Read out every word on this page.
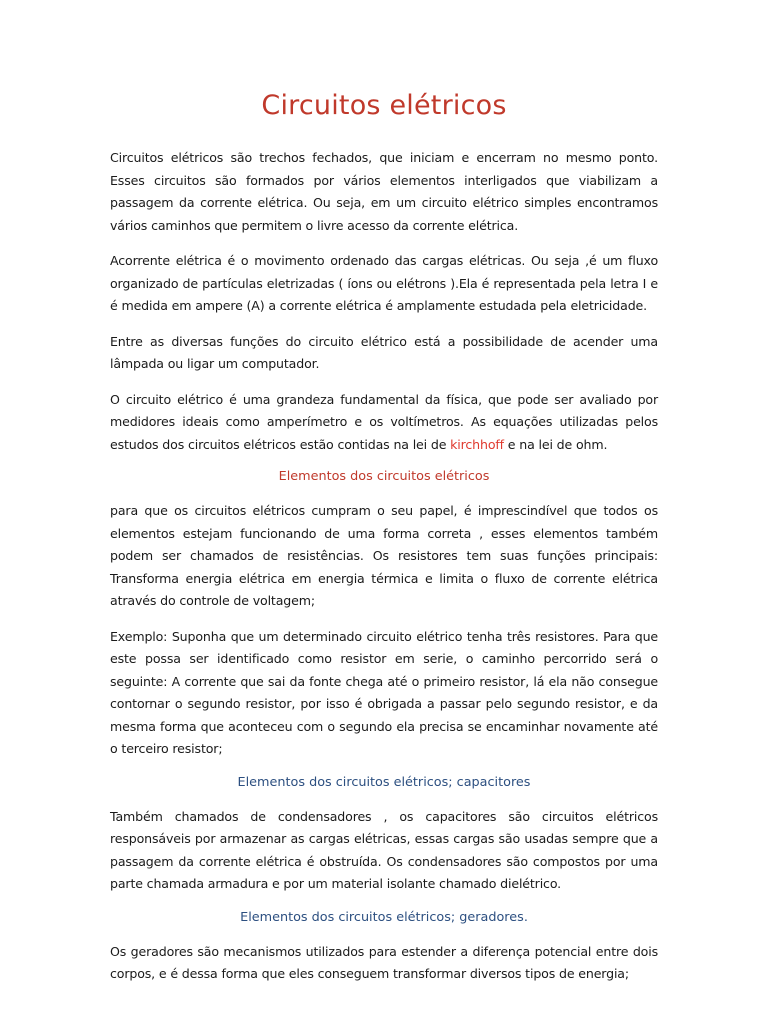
Circuitos elétricos

Circuitos elétricos são trechos fechados, que iniciam e encerram no mesmo ponto. Esses circuitos são formados por vários elementos interligados que viabilizam a passagem da corrente elétrica. Ou seja, em um circuito elétrico simples encontramos vários caminhos que permitem o livre acesso da corrente elétrica.

Acorrente elétrica é o movimento ordenado das cargas elétricas. Ou seja ,é um fluxo organizado de partículas eletrizadas ( íons ou elétrons ).Ela é representada pela letra I e é medida em ampere (A) a corrente elétrica é amplamente estudada pela eletricidade.

Entre as diversas funções do circuito elétrico está a possibilidade de acender uma lâmpada ou ligar um computador.

O circuito elétrico é uma grandeza fundamental da física, que pode ser avaliado por medidores ideais como amperímetro e os voltímetros. As equações utilizadas pelos estudos dos circuitos elétricos estão contidas na lei de kirchhoff e na lei de ohm.

Elementos dos circuitos elétricos

para que os circuitos elétricos cumpram o seu papel, é imprescindível que todos os elementos estejam funcionando de uma forma correta , esses elementos também podem ser chamados de resistências. Os resistores tem suas funções principais: Transforma energia elétrica em energia térmica e limita o fluxo de corrente elétrica através do controle de voltagem;

Exemplo: Suponha que um determinado circuito elétrico tenha três resistores. Para que este possa ser identificado como resistor em serie, o caminho percorrido será o seguinte: A corrente que sai da fonte chega até o primeiro resistor, lá ela não consegue contornar o segundo resistor, por isso é obrigada a passar pelo segundo resistor, e da mesma forma que aconteceu com o segundo ela precisa se encaminhar novamente até o terceiro resistor;

Elementos dos circuitos elétricos; capacitores

Também chamados de condensadores , os capacitores são circuitos elétricos responsáveis por armazenar as cargas elétricas, essas cargas são usadas sempre que a passagem da corrente elétrica é obstruída. Os condensadores são compostos por uma parte chamada armadura e por um material isolante chamado dielétrico.

Elementos dos circuitos elétricos; geradores.

Os geradores são mecanismos utilizados para estender a diferença potencial entre dois corpos, e é dessa forma que eles conseguem transformar diversos tipos de energia;
